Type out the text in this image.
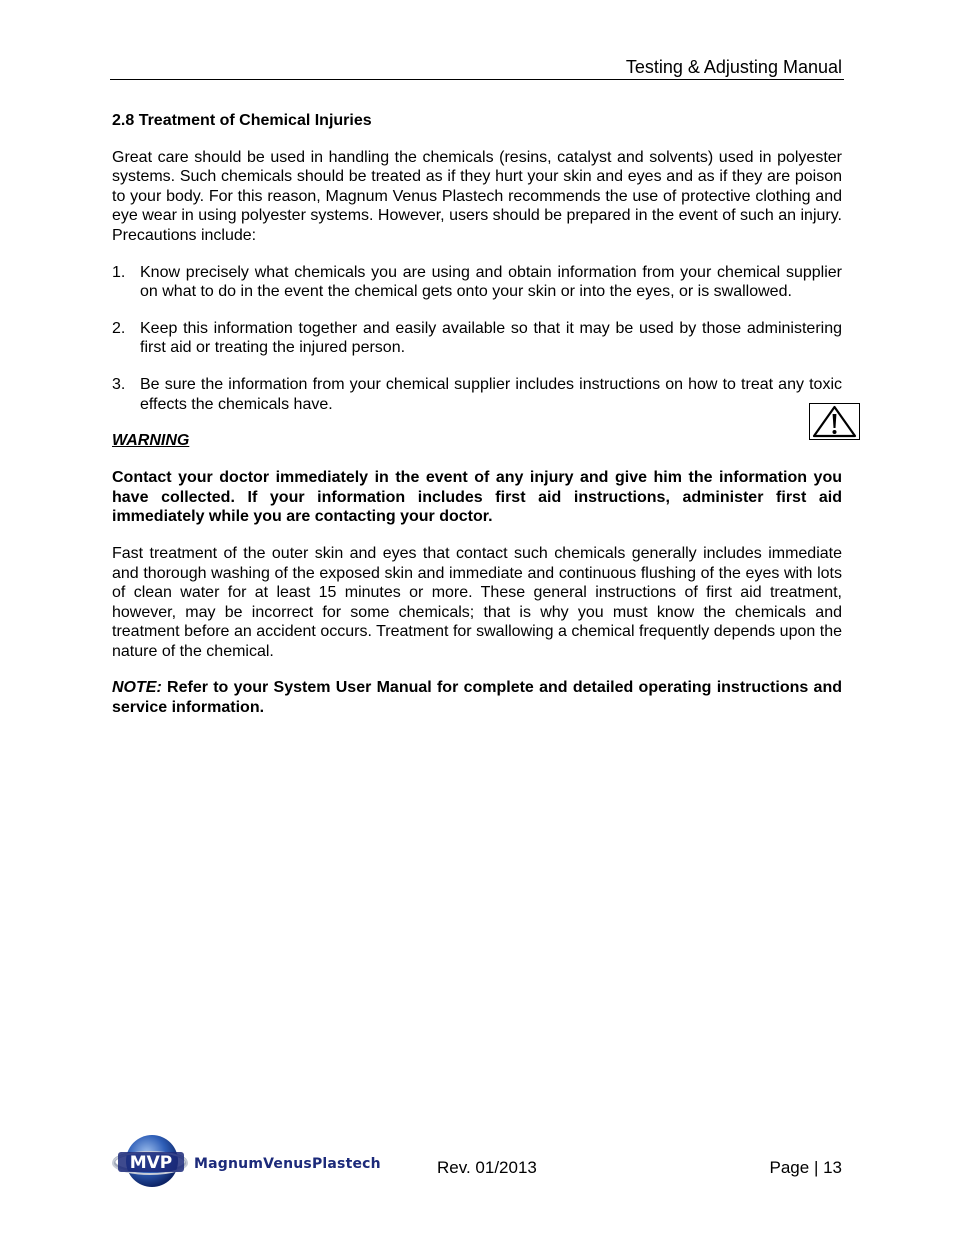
Testing & Adjusting Manual
2.8 Treatment of Chemical Injuries

Great care should be used in handling the chemicals (resins, catalyst and solvents) used in polyester systems. Such chemicals should be treated as if they hurt your skin and eyes and as if they are poison to your body. For this reason, Magnum Venus Plastech recommends the use of protective clothing and eye wear in using polyester systems. However, users should be prepared in the event of such an injury. Precautions include:

1. Know precisely what chemicals you are using and obtain information from your chemical supplier on what to do in the event the chemical gets onto your skin or into the eyes, or is swallowed.
2. Keep this information together and easily available so that it may be used by those administering first aid or treating the injured person.
3. Be sure the information from your chemical supplier includes instructions on how to treat any toxic effects the chemicals have.
WARNING

Contact your doctor immediately in the event of any injury and give him the information you have collected. If your information includes first aid instructions, administer first aid immediately while you are contacting your doctor.

Fast treatment of the outer skin and eyes that contact such chemicals generally includes immediate and thorough washing of the exposed skin and immediate and continuous flushing of the eyes with lots of clean water for at least 15 minutes or more. These general instructions of first aid treatment, however, may be incorrect for some chemicals; that is why you must know the chemicals and treatment before an accident occurs. Treatment for swallowing a chemical frequently depends upon the nature of the chemical.

NOTE: Refer to your System User Manual for complete and detailed operating instructions and service information.

MVP MagnumVenusPlastech	Rev. 01/2013	Page | 13
